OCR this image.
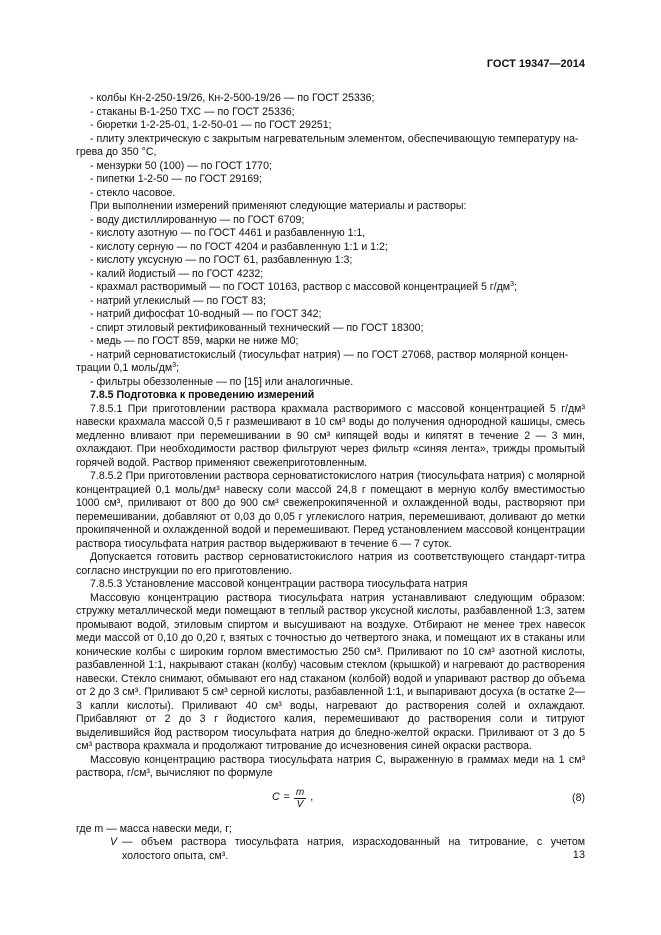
ГОСТ 19347—2014
- колбы Кн-2-250-19/26, Кн-2-500-19/26 — по ГОСТ 25336;
- стаканы В-1-250 ТХС — по ГОСТ 25336;
- бюретки 1-2-25-01, 1-2-50-01 — по ГОСТ 29251;
- плиту электрическую с закрытым нагревательным элементом, обеспечивающую температуру на-
грева до 350 °С,
- мензурки 50 (100) — по ГОСТ 1770;
- пипетки 1-2-50 — по ГОСТ 29169;
- стекло часовое.
При выполнении измерений применяют следующие материалы и растворы:
- воду дистиллированную — по ГОСТ 6709;
- кислоту азотную — по ГОСТ 4461 и разбавленную 1:1,
- кислоту серную — по ГОСТ 4204 и разбавленную 1:1 и 1:2;
- кислоту уксусную — по ГОСТ 61, разбавленную 1:3;
- калий йодистый — по ГОСТ 4232;
- крахмал растворимый — по ГОСТ 10163, раствор с массовой концентрацией 5 $г/дм^3$;
- натрий углекислый — по ГОСТ 83;
- натрий дифосфат 10-водный — по ГОСТ 342;
- спирт этиловый ректификованный технический — по ГОСТ 18300;
- медь — по ГОСТ 859, марки не ниже М0;
- натрий серноватистокислый (тиосульфат натрия) — по ГОСТ 27068, раствор молярной концен-
трации 0,1 моль/$дм^3$;
- фильтры обеззоленные — по [15] или аналогичные.
7.8.5 Подготовка к проведению измерений
7.8.5.1 При приготовлении раствора крахмала растворимого с массовой концентрацией 5 г/дм³ навески крахмала массой 0,5 г размешивают в 10 см³ воды до получения однородной кашицы, смесь медленно вливают при перемешивании в 90 см³ кипящей воды и кипятят в течение 2 — 3 мин, охлаждают. При необходимости раствор фильтруют через фильтр «синяя лента», трижды промытый горячей водой. Раствор применяют свежеприготовленным.
7.8.5.2 При приготовлении раствора серноватистокислого натрия (тиосульфата натрия) с молярной концентрацией 0,1 моль/дм³ навеску соли массой 24,8 г помещают в мерную колбу вместимостью 1000 см³, приливают от 800 до 900 см³ свежепрокипяченной и охлажденной воды, растворяют при перемешивании, добавляют от 0,03 до 0,05 г углекислого натрия, перемешивают, доливают до метки прокипяченной и охлажденной водой и перемешивают. Перед установлением массовой концентрации раствора тиосульфата натрия раствор выдерживают в течение 6 — 7 суток.
Допускается готовить раствор серноватистокислого натрия из соответствующего стандарт-титра согласно инструкции по его приготовлению.
7.8.5.3 Установление массовой концентрации раствора тиосульфата натрия
Массовую концентрацию раствора тиосульфата натрия устанавливают следующим образом: стружку металлической меди помещают в теплый раствор уксусной кислоты, разбавленной 1:3, затем промывают водой, этиловым спиртом и высушивают на воздухе. Отбирают не менее трех навесок меди массой от 0,10 до 0,20 г, взятых с точностью до четвертого знака, и помещают их в стаканы или конические колбы с широким горлом вместимостью 250 см³. Приливают по 10 см³ азотной кислоты, разбавленной 1:1, накрывают стакан (колбу) часовым стеклом (крышкой) и нагревают до растворения навески. Стекло снимают, обмывают его над стаканом (колбой) водой и упаривают раствор до объема от 2 до 3 см³. Приливают 5 см³ серной кислоты, разбавленной 1:1, и выпаривают досуха (в остатке 2—3 капли кислоты). Приливают 40 см³ воды, нагревают до растворения солей и охлаждают. Прибавляют от 2 до 3 г йодистого калия, перемешивают до растворения соли и титруют выделившийся йод раствором тиосульфата натрия до бледно-желтой окраски. Приливают от 3 до 5 см³ раствора крахмала и продолжают титрование до исчезновения синей окраски раствора.
Массовую концентрацию раствора тиосульфата натрия C, выраженную в граммах меди на 1 см³ раствора, г/см³, вычисляют по формуле
$C = \frac{m}{V}$ ,	(8)
где m — масса навески меди, г;
V — объем раствора тиосульфата натрия, израсходованный на титрование, с учетом холостого опыта, см³.	13
